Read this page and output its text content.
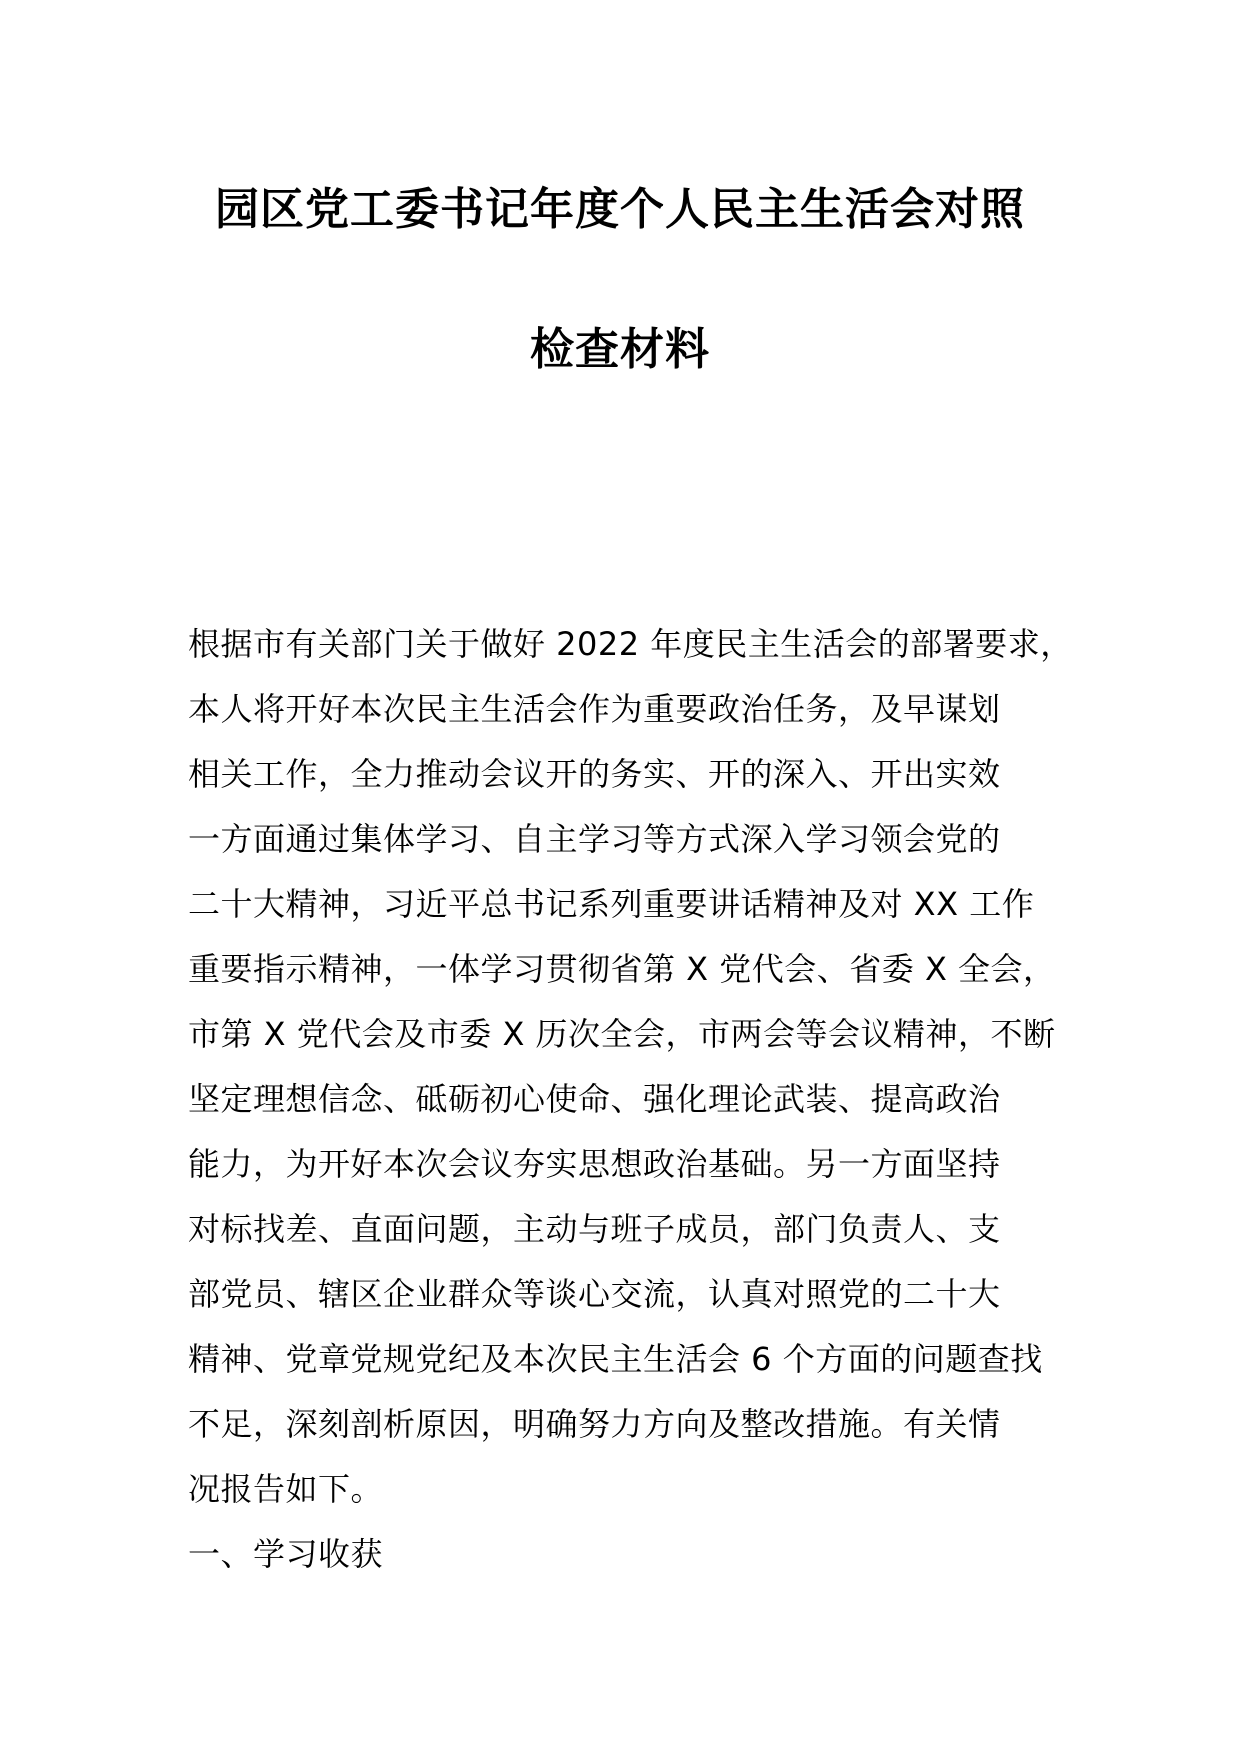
园区党工委书记年度个人民主生活会对照
检查材料
根据市有关部门关于做好 2022 年度民主生活会的部署要求，
本人将开好本次民主生活会作为重要政治任务，及早谋划
相关工作，全力推动会议开的务实、开的深入、开出实效
一方面通过集体学习、自主学习等方式深入学习领会党的
二十大精神，习近平总书记系列重要讲话精神及对 XX 工作
重要指示精神，一体学习贯彻省第 X 党代会、省委 X 全会，
市第 X 党代会及市委 X 历次全会，市两会等会议精神，不断
坚定理想信念、砥砺初心使命、强化理论武装、提高政治
能力，为开好本次会议夯实思想政治基础。另一方面坚持
对标找差、直面问题，主动与班子成员，部门负责人、支
部党员、辖区企业群众等谈心交流，认真对照党的二十大
精神、党章党规党纪及本次民主生活会 6 个方面的问题查找
不足，深刻剖析原因，明确努力方向及整改措施。有关情
况报告如下。
一、学习收获
